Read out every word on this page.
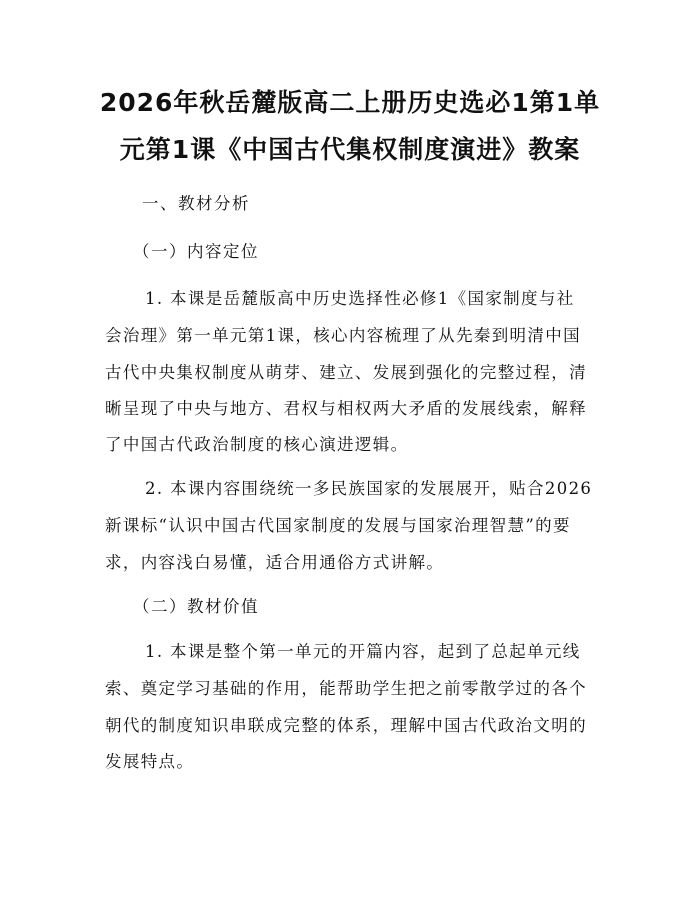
2026年秋岳麓版高二上册历史选必1第1单
元第1课《中国古代集权制度演进》教案
一、教材分析
（一）内容定位
1. 本课是岳麓版高中历史选择性必修1《国家制度与社
会治理》第一单元第1课，核心内容梳理了从先秦到明清中国
古代中央集权制度从萌芽、建立、发展到强化的完整过程，清
晰呈现了中央与地方、君权与相权两大矛盾的发展线索，解释
了中国古代政治制度的核心演进逻辑。
2. 本课内容围绕统一多民族国家的发展展开，贴合2026
新课标“认识中国古代国家制度的发展与国家治理智慧”的要
求，内容浅白易懂，适合用通俗方式讲解。
（二）教材价值
1. 本课是整个第一单元的开篇内容，起到了总起单元线
索、奠定学习基础的作用，能帮助学生把之前零散学过的各个
朝代的制度知识串联成完整的体系，理解中国古代政治文明的
发展特点。
